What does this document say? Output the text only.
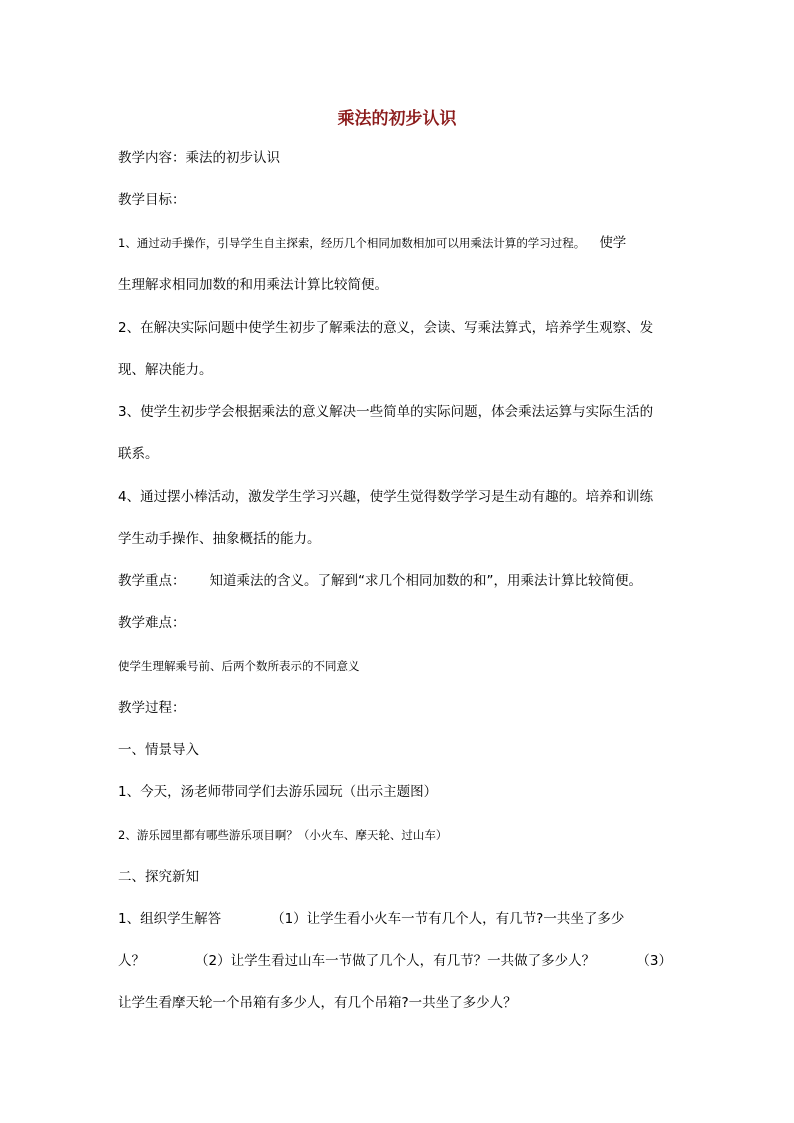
乘法的初步认识
教学内容：乘法的初步认识
教学目标：
1、通过动手操作，引导学生自主探索，经历几个相同加数相加可以用乘法计算的学习过程。 使学
生理解求相同加数的和用乘法计算比较简便。
2、在解决实际问题中使学生初步了解乘法的意义，会读、写乘法算式，培养学生观察、发
现、解决能力。
3、使学生初步学会根据乘法的意义解决一些简单的实际问题，体会乘法运算与实际生活的
联系。
4、通过摆小棒活动，激发学生学习兴趣，使学生觉得数学学习是生动有趣的。培养和训练
学生动手操作、抽象概括的能力。
教学重点： 知道乘法的含义。了解到“求几个相同加数的和”，用乘法计算比较简便。
教学难点：
使学生理解乘号前、后两个数所表示的不同意义
教学过程：
一、情景导入
1、今天，汤老师带同学们去游乐园玩（出示主题图）
2、游乐园里都有哪些游乐项目啊？（小火车、摩天轮、过山车）
二、探究新知
1、组织学生解答	（1）让学生看小火车一节有几个人，有几节?一共坐了多少
人？	（2）让学生看过山车一节做了几个人，有几节？一共做了多少人？	（3）
让学生看摩天轮一个吊箱有多少人，有几个吊箱?一共坐了多少人？
